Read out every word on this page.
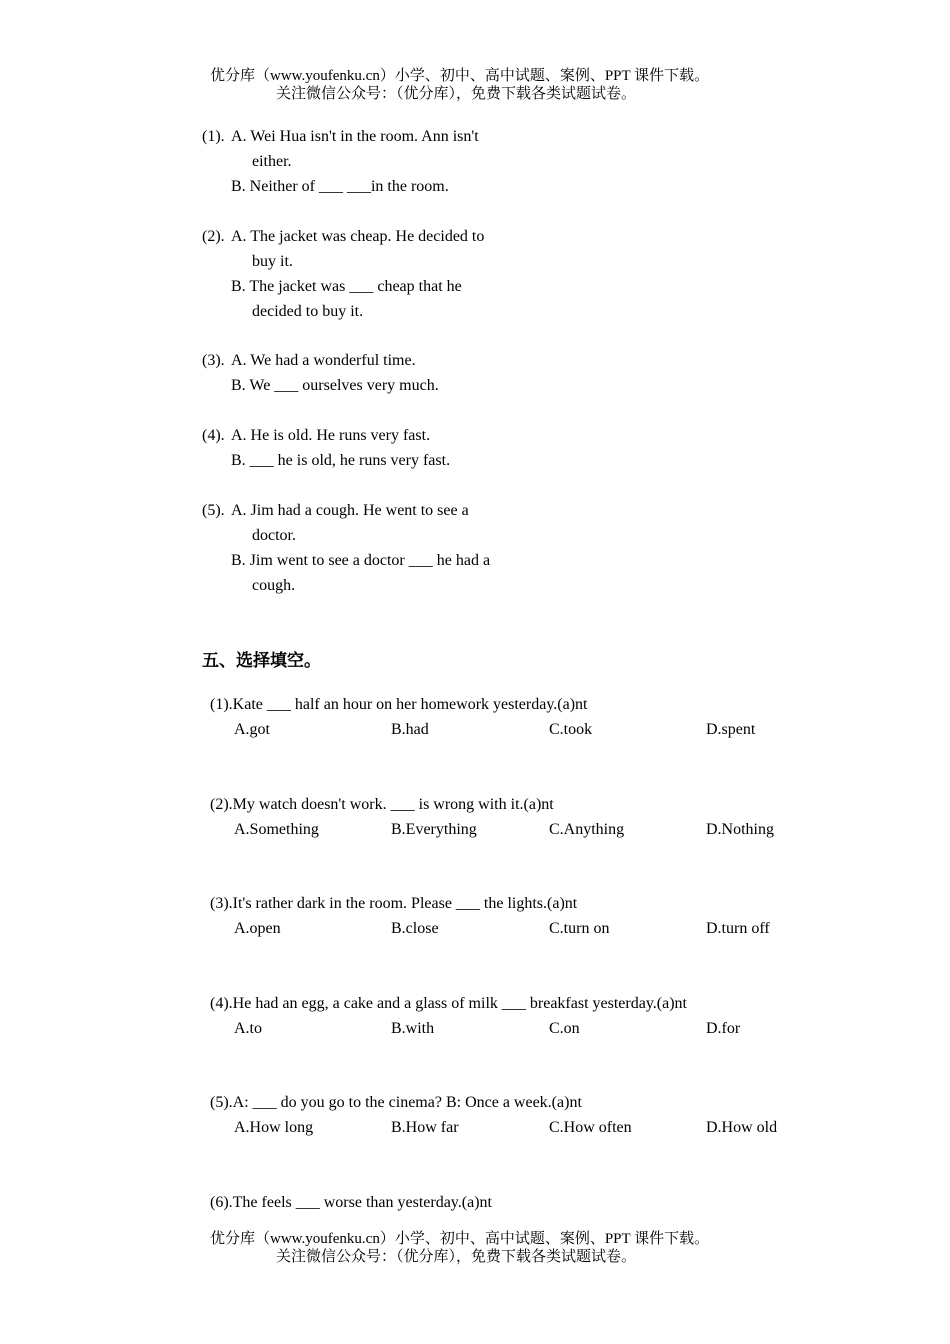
优分库（www.youfenku.cn）小学、初中、高中试题、案例、PPT 课件下载。
关注微信公众号：（优分库），免费下载各类试题试卷。
(1). A. Wei Hua isn't in the room. Ann isn't
either.
B. Neither of ___ ___in the room.
(2). A. The jacket was cheap. He decided to
buy it.
B. The jacket was ___ cheap that he
decided to buy it.
(3). A. We had a wonderful time.
B. We ___ ourselves very much.
(4). A. He is old. He runs very fast.
B. ___ he is old, he runs very fast.
(5). A. Jim had a cough. He went to see a
doctor.
B. Jim went to see a doctor ___ he had a
cough.
五、选择填空。
(1).Kate ___ half an hour on her homework yesterday.(a)nt
A.got	B.had	C.took	D.spent
(2).My watch doesn't work. ___ is wrong with it.(a)nt
A.Something	B.Everything	C.Anything	D.Nothing
(3).It's rather dark in the room. Please ___ the lights.(a)nt
A.open	B.close	C.turn on	D.turn off
(4).He had an egg, a cake and a glass of milk ___ breakfast yesterday.(a)nt
A.to	B.with	C.on	D.for
(5).A: ___ do you go to the cinema? B: Once a week.(a)nt
A.How long	B.How far	C.How often	D.How old
(6).The feels ___ worse than yesterday.(a)nt
优分库（www.youfenku.cn）小学、初中、高中试题、案例、PPT 课件下载。
关注微信公众号：（优分库），免费下载各类试题试卷。
